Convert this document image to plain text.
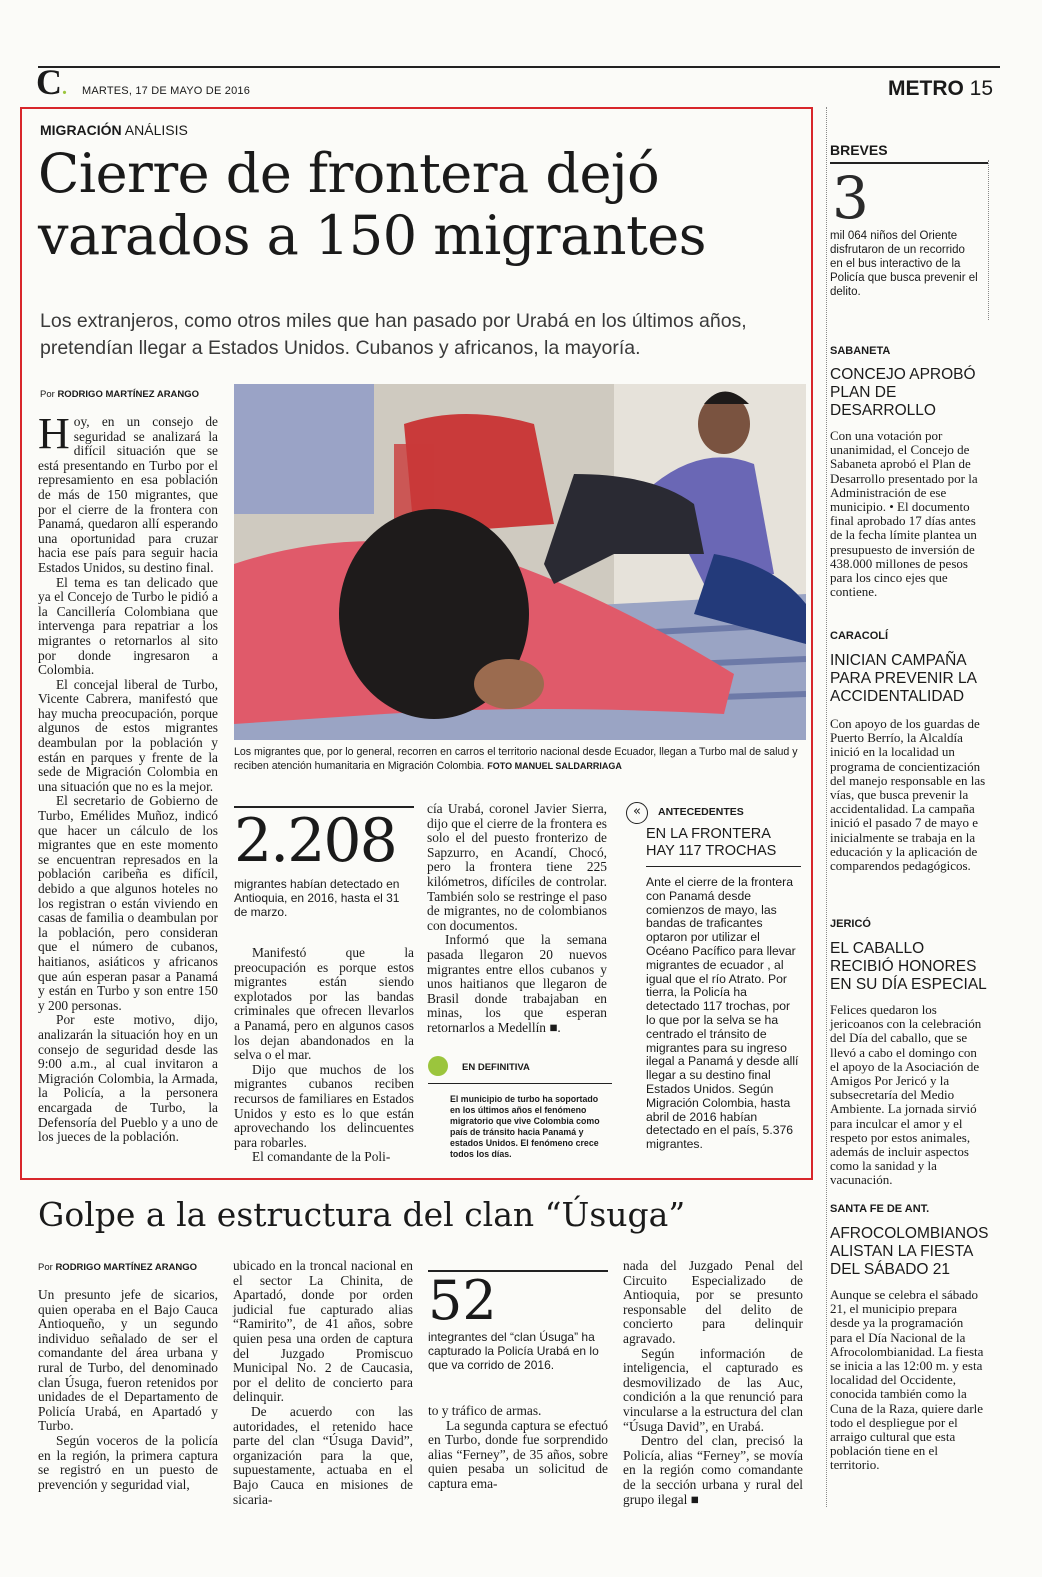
C. MARTES, 17 DE MAYO DE 2016	METRO 15
MIGRACIÓN ANÁLISIS
Cierre de frontera dejó
varados a 150 migrantes
Los extranjeros, como otros miles que han pasado por Urabá en los últimos años, pretendían llegar a Estados Unidos. Cubanos y africanos, la mayoría.
Por RODRIGO MARTÍNEZ ARANGO

Hoy, en un consejo de seguridad se analizará la difícil situación que se está presentando en Turbo por el represamiento en esa población de más de 150 migrantes, que por el cierre de la frontera con Panamá, quedaron allí esperando una oportunidad para cruzar hacia ese país para seguir hacia Estados Unidos, su destino final.

El tema es tan delicado que ya el Concejo de Turbo le pidió a la Cancillería Colombiana que intervenga para repatriar a los migrantes o retornarlos al sito por donde ingresaron a Colombia.

El concejal liberal de Turbo, Vicente Cabrera, manifestó que hay mucha preocupación, porque algunos de estos migrantes deambulan por la población y están en parques y frente de la sede de Migración Colombia en una situación que no es la mejor.

El secretario de Gobierno de Turbo, Emélides Muñoz, indicó que hacer un cálculo de los migrantes que en este momento se encuentran represados en la población caribeña es difícil, debido a que algunos hoteles no los registran o están viviendo en casas de familia o deambulan por la población, pero consideran que el número de cubanos, haitianos, asiáticos y africanos que aún esperan pasar a Panamá y están en Turbo y son entre 150 y 200 personas.

Por este motivo, dijo, analizarán la situación hoy en un consejo de seguridad desde las 9:00 a.m., al cual invitaron a Migración Colombia, la Armada, la Policía, a la personera encargada de Turbo, la Defensoría del Pueblo y a uno de los jueces de la población.

Los migrantes que, por lo general, recorren en carros el territorio nacional desde Ecuador, llegan a Turbo mal de salud y reciben atención humanitaria en Migración Colombia. FOTO MANUEL SALDARRIAGA
2.208
migrantes habían detectado en Antioquia, en 2016, hasta el 31 de marzo.

Manifestó que la preocupación es porque estos migrantes están siendo explotados por las bandas criminales que ofrecen llevarlos a Panamá, pero en algunos casos los dejan abandonados en la selva o el mar.

Dijo que muchos de los migrantes cubanos reciben recursos de familiares en Estados Unidos y esto es lo que están aprovechando los delincuentes para robarles.

El comandante de la Poli-

cía Urabá, coronel Javier Sierra, dijo que el cierre de la frontera es solo el del puesto fronterizo de Sapzurro, en Acandí, Chocó, pero la frontera tiene 225 kilómetros, difíciles de controlar. También solo se restringe el paso de migrantes, no de colombianos con documentos.

Informó que la semana pasada llegaron 20 nuevos migrantes entre ellos cubanos y unos haitianos que llegaron de Brasil donde trabajaban en minas, los que esperan retornarlos a Medellín ■.

EN DEFINITIVA
El municipio de turbo ha soportado en los últimos años el fenómeno migratorio que vive Colombia como país de tránsito hacia Panamá y estados Unidos. El fenómeno crece todos los días.
«	ANTECEDENTES
EN LA FRONTERA HAY 117 TROCHAS
Ante el cierre de la frontera con Panamá desde comienzos de mayo, las bandas de traficantes optaron por utilizar el Océano Pacífico para llevar migrantes de ecuador , al igual que el río Atrato. Por tierra, la Policía ha detectado 117 trochas, por lo que por la selva se ha centrado el tránsito de migrantes para su ingreso ilegal a Panamá y desde allí llegar a su destino final Estados Unidos. Según Migración Colombia, hasta abril de 2016 habían detectado en el país, 5.376 migrantes.
Golpe a la estructura del clan “Úsuga”
Por RODRIGO MARTÍNEZ ARANGO

Un presunto jefe de sicarios, quien operaba en el Bajo Cauca Antioqueño, y un segundo individuo señalado de ser el comandante del área urbana y rural de Turbo, del denominado clan Úsuga, fueron retenidos por unidades de el Departamento de Policía Urabá, en Apartadó y Turbo.

Según voceros de la policía en la región, la primera captura se registró en un puesto de prevención y seguridad vial,

ubicado en la troncal nacional en el sector La Chinita, de Apartadó, donde por orden judicial fue capturado alias “Ramirito”, de 41 años, sobre quien pesa una orden de captura del Juzgado Promiscuo Municipal No. 2 de Caucasia, por el delito de concierto para delinquir.

De acuerdo con las autoridades, el retenido hace parte del clan “Úsuga David”, organización para la que, supuestamente, actuaba en el Bajo Cauca en misiones de sicaria-

52
integrantes del “clan Úsuga” ha capturado la Policía Urabá en lo que va corrido de 2016.

to y tráfico de armas.

La segunda captura se efectuó en Turbo, donde fue sorprendido alias “Ferney”, de 35 años, sobre quien pesaba un solicitud de captura ema-

nada del Juzgado Penal del Circuito Especializado de Antioquia, por se presunto responsable del delito de concierto para delinquir agravado.

Según información de inteligencia, el capturado es desmovilizado de las Auc, condición a la que renunció para vincularse a la estructura del clan “Úsuga David”, en Urabá.

Dentro del clan, precisó la Policía, alias “Ferney”, se movía en la región como comandante de la sección urbana y rural del grupo ilegal ■

BREVES
3
mil 064 niños del Oriente disfrutaron de un recorrido en el bus interactivo de la Policía que busca prevenir el delito.
SABANETA
CONCEJO APROBÓ PLAN DE DESARROLLO
Con una votación por unanimidad, el Concejo de Sabaneta aprobó el Plan de Desarrollo presentado por la Administración de ese municipio. • El documento final aprobado 17 días antes de la fecha límite plantea un presupuesto de inversión de 438.000 millones de pesos para los cinco ejes que contiene.
CARACOLÍ
INICIAN CAMPAÑA PARA PREVENIR LA ACCIDENTALIDAD
Con apoyo de los guardas de Puerto Berrío, la Alcaldía inició en la localidad un programa de concientización del manejo responsable en las vías, que busca prevenir la accidentalidad. La campaña inició el pasado 7 de mayo e inicialmente se trabaja en la educación y la aplicación de comparendos pedagógicos.
JERICÓ
EL CABALLO RECIBIÓ HONORES EN SU DÍA ESPECIAL
Felices quedaron los jericoanos con la celebración del Día del caballo, que se llevó a cabo el domingo con el apoyo de la Asociación de Amigos Por Jericó y la subsecretaría del Medio Ambiente. La jornada sirvió para inculcar el amor y el respeto por estos animales, además de incluir aspectos como la sanidad y la vacunación.
SANTA FE DE ANT.
AFROCOLOMBIANOS ALISTAN LA FIESTA DEL SÁBADO 21
Aunque se celebra el sábado 21, el municipio prepara desde ya la programación para el Día Nacional de la Afrocolombianidad. La fiesta se inicia a las 12:00 m. y esta localidad del Occidente, conocida también como la Cuna de la Raza, quiere darle todo el despliegue por el arraigo cultural que esta población tiene en el territorio.
